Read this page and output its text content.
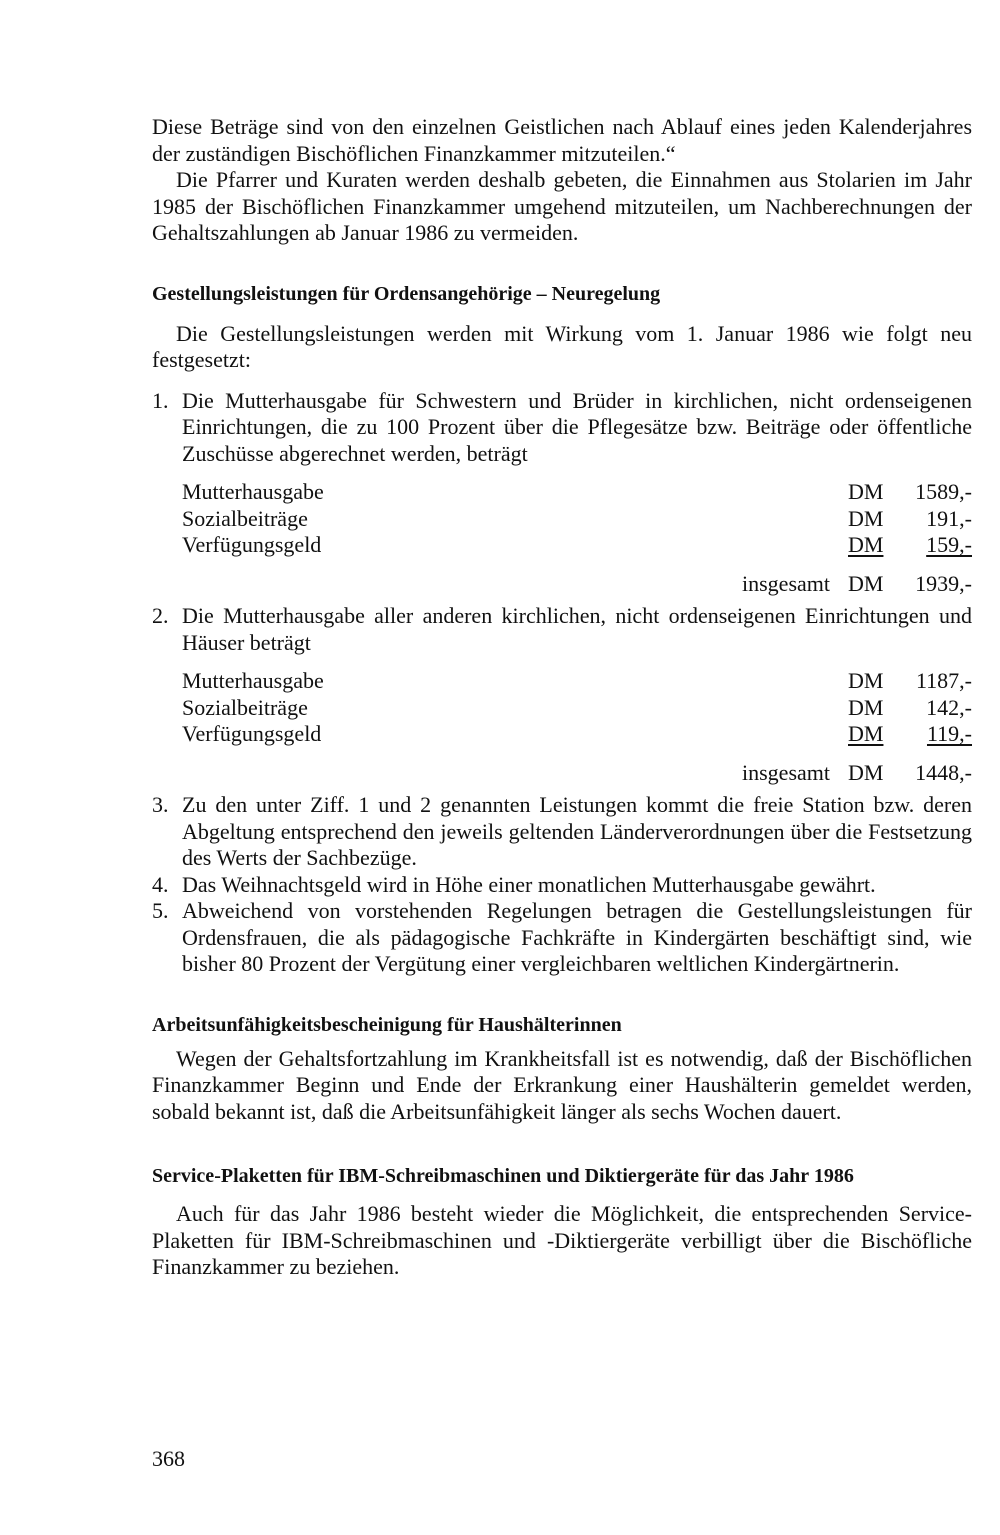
Diese Beträge sind von den einzelnen Geistlichen nach Ablauf eines jeden Kalenderjahres der zuständigen Bischöflichen Finanzkammer mitzuteilen.“

Die Pfarrer und Kuraten werden deshalb gebeten, die Einnahmen aus Stolarien im Jahr 1985 der Bischöflichen Finanzkammer umgehend mitzuteilen, um Nachberechnungen der Gehaltszahlungen ab Januar 1986 zu vermeiden.

Gestellungsleistungen für Ordensangehörige – Neuregelung

Die Gestellungsleistungen werden mit Wirkung vom 1. Januar 1986 wie folgt neu festgesetzt:

1. Die Mutterhausgabe für Schwestern und Brüder in kirchlichen, nicht ordenseigenen Einrichtungen, die zu 100 Prozent über die Pflegesätze bzw. Beiträge oder öffentliche Zuschüsse abgerechnet werden, beträgt

Mutterhausgabe	DM	1589,-
Sozialbeiträge	DM	191,-
Verfügungsgeld	DM	159,-
insgesamt DM	1939,-
2. Die Mutterhausgabe aller anderen kirchlichen, nicht ordenseigenen Einrichtungen und Häuser beträgt

Mutterhausgabe	DM	1187,-
Sozialbeiträge	DM	142,-
Verfügungsgeld	DM	119,-
insgesamt DM	1448,-
3. Zu den unter Ziff. 1 und 2 genannten Leistungen kommt die freie Station bzw. deren Abgeltung entsprechend den jeweils geltenden Länderverordnungen über die Festsetzung des Werts der Sachbezüge.

4. Das Weihnachtsgeld wird in Höhe einer monatlichen Mutterhausgabe gewährt.

5. Abweichend von vorstehenden Regelungen betragen die Gestellungsleistungen für Ordensfrauen, die als pädagogische Fachkräfte in Kindergärten beschäftigt sind, wie bisher 80 Prozent der Vergütung einer vergleichbaren weltlichen Kindergärtnerin.

Arbeitsunfähigkeitsbescheinigung für Haushälterinnen

Wegen der Gehaltsfortzahlung im Krankheitsfall ist es notwendig, daß der Bischöflichen Finanzkammer Beginn und Ende der Erkrankung einer Haushälterin gemeldet werden, sobald bekannt ist, daß die Arbeitsunfähigkeit länger als sechs Wochen dauert.

Service-Plaketten für IBM-Schreibmaschinen und Diktiergeräte für das Jahr 1986

Auch für das Jahr 1986 besteht wieder die Möglichkeit, die entsprechenden Service-Plaketten für IBM-Schreibmaschinen und -Diktiergeräte verbilligt über die Bischöfliche Finanzkammer zu beziehen.

368
